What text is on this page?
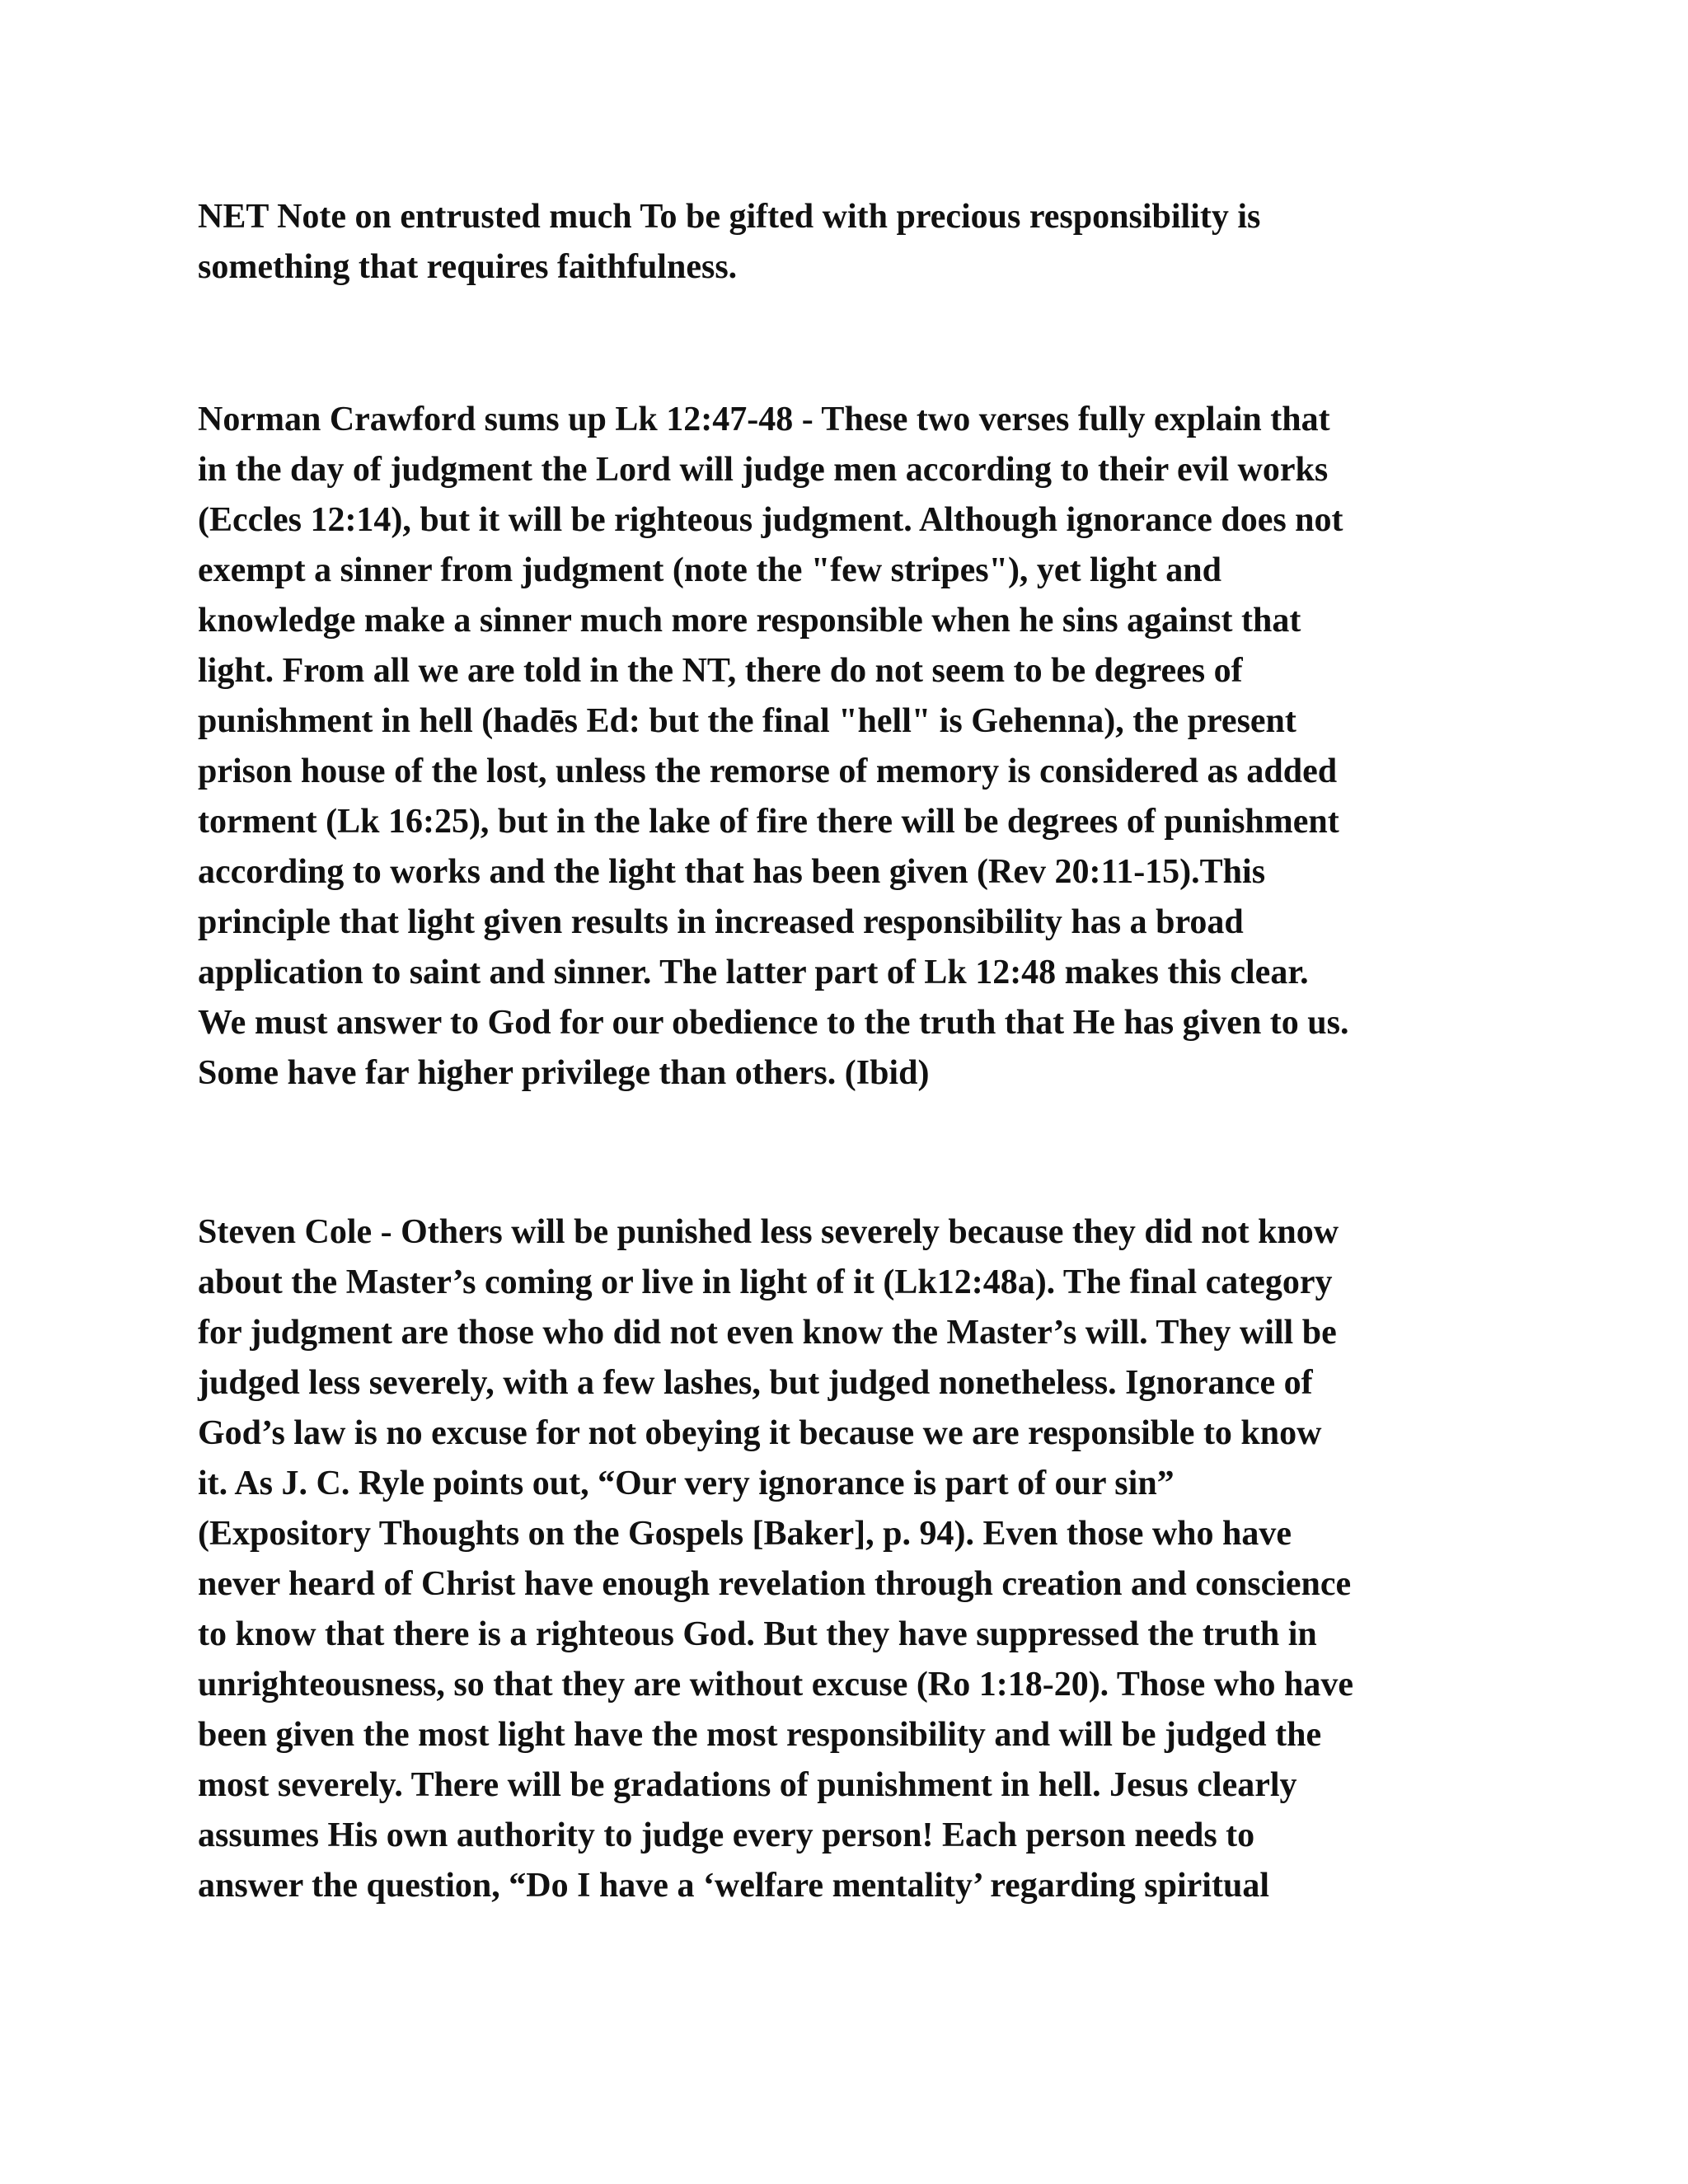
NET Note on entrusted much To be gifted with precious responsibility is
something that requires faithfulness.
Norman Crawford sums up Lk 12:47-48 - These two verses fully explain that
in the day of judgment the Lord will judge men according to their evil works
(Eccles 12:14), but it will be righteous judgment. Although ignorance does not
exempt a sinner from judgment (note the "few stripes"), yet light and
knowledge make a sinner much more responsible when he sins against that
light. From all we are told in the NT, there do not seem to be degrees of
punishment in hell (hadēs Ed: but the final "hell" is Gehenna), the present
prison house of the lost, unless the remorse of memory is considered as added
torment (Lk 16:25), but in the lake of fire there will be degrees of punishment
according to works and the light that has been given (Rev 20:11-15).This
principle that light given results in increased responsibility has a broad
application to saint and sinner. The latter part of Lk 12:48 makes this clear.
We must answer to God for our obedience to the truth that He has given to us.
Some have far higher privilege than others. (Ibid)
Steven Cole - Others will be punished less severely because they did not know
about the Master’s coming or live in light of it (Lk12:48a). The final category
for judgment are those who did not even know the Master’s will. They will be
judged less severely, with a few lashes, but judged nonetheless. Ignorance of
God’s law is no excuse for not obeying it because we are responsible to know
it. As J. C. Ryle points out, “Our very ignorance is part of our sin”
(Expository Thoughts on the Gospels [Baker], p. 94). Even those who have
never heard of Christ have enough revelation through creation and conscience
to know that there is a righteous God. But they have suppressed the truth in
unrighteousness, so that they are without excuse (Ro 1:18-20). Those who have
been given the most light have the most responsibility and will be judged the
most severely. There will be gradations of punishment in hell. Jesus clearly
assumes His own authority to judge every person! Each person needs to
answer the question, “Do I have a ‘welfare mentality’ regarding spiritual
